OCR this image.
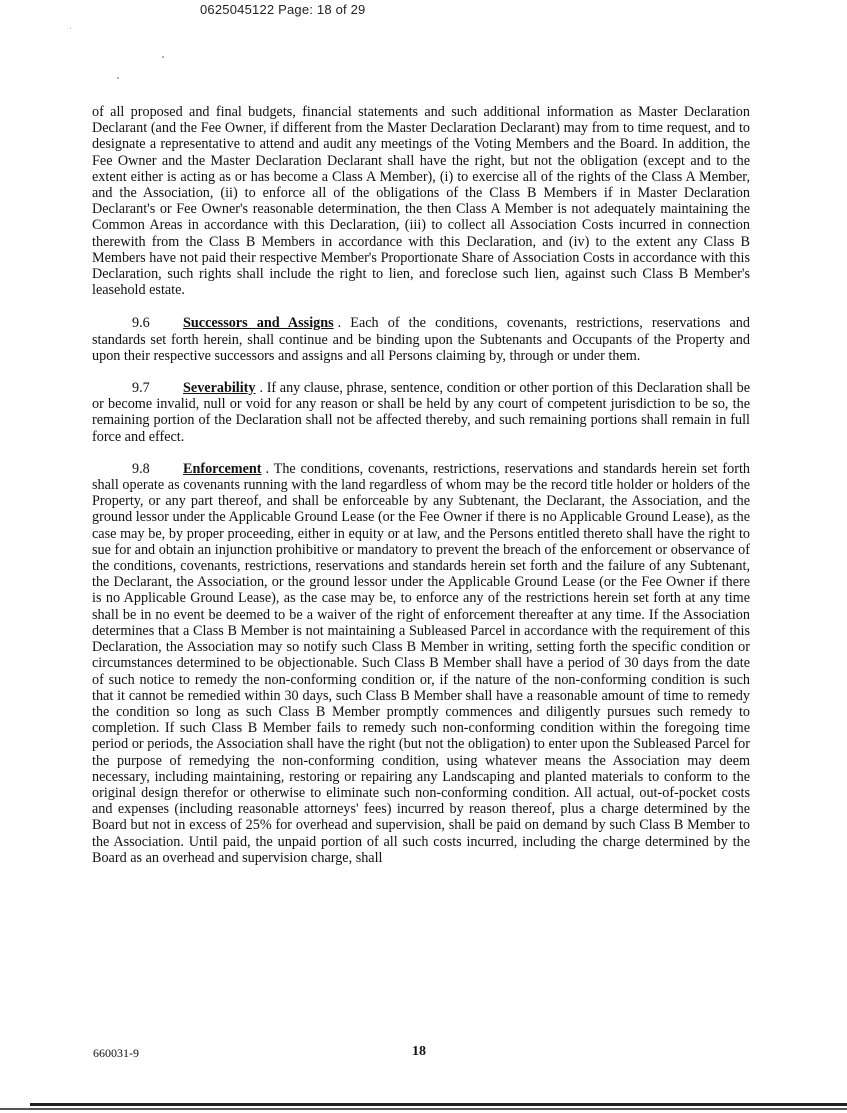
0625045122 Page: 18 of 29

of all proposed and final budgets, financial statements and such additional information as Master Declaration Declarant (and the Fee Owner, if different from the Master Declaration Declarant) may from to time request, and to designate a representative to attend and audit any meetings of the Voting Members and the Board. In addition, the Fee Owner and the Master Declaration Declarant shall have the right, but not the obligation (except and to the extent either is acting as or has become a Class A Member), (i) to exercise all of the rights of the Class A Member, and the Association, (ii) to enforce all of the obligations of the Class B Members if in Master Declaration Declarant's or Fee Owner's reasonable determination, the then Class A Member is not adequately maintaining the Common Areas in accordance with this Declaration, (iii) to collect all Association Costs incurred in connection therewith from the Class B Members in accordance with this Declaration, and (iv) to the extent any Class B Members have not paid their respective Member's Proportionate Share of Association Costs in accordance with this Declaration, such rights shall include the right to lien, and foreclose such lien, against such Class B Member's leasehold estate.

9.6 Successors and Assigns . Each of the conditions, covenants, restrictions, reservations and standards set forth herein, shall continue and be binding upon the Subtenants and Occupants of the Property and upon their respective successors and assigns and all Persons claiming by, through or under them.

9.7 Severability . If any clause, phrase, sentence, condition or other portion of this Declaration shall be or become invalid, null or void for any reason or shall be held by any court of competent jurisdiction to be so, the remaining portion of the Declaration shall not be affected thereby, and such remaining portions shall remain in full force and effect.

9.8 Enforcement . The conditions, covenants, restrictions, reservations and standards herein set forth shall operate as covenants running with the land regardless of whom may be the record title holder or holders of the Property, or any part thereof, and shall be enforceable by any Subtenant, the Declarant, the Association, and the ground lessor under the Applicable Ground Lease (or the Fee Owner if there is no Applicable Ground Lease), as the case may be, by proper proceeding, either in equity or at law, and the Persons entitled thereto shall have the right to sue for and obtain an injunction prohibitive or mandatory to prevent the breach of the enforcement or observance of the conditions, covenants, restrictions, reservations and standards herein set forth and the failure of any Subtenant, the Declarant, the Association, or the ground lessor under the Applicable Ground Lease (or the Fee Owner if there is no Applicable Ground Lease), as the case may be, to enforce any of the restrictions herein set forth at any time shall be in no event be deemed to be a waiver of the right of enforcement thereafter at any time. If the Association determines that a Class B Member is not maintaining a Subleased Parcel in accordance with the requirement of this Declaration, the Association may so notify such Class B Member in writing, setting forth the specific condition or circumstances determined to be objectionable. Such Class B Member shall have a period of 30 days from the date of such notice to remedy the non-conforming condition or, if the nature of the non-conforming condition is such that it cannot be remedied within 30 days, such Class B Member shall have a reasonable amount of time to remedy the condition so long as such Class B Member promptly commences and diligently pursues such remedy to completion. If such Class B Member fails to remedy such non-conforming condition within the foregoing time period or periods, the Association shall have the right (but not the obligation) to enter upon the Subleased Parcel for the purpose of remedying the non-conforming condition, using whatever means the Association may deem necessary, including maintaining, restoring or repairing any Landscaping and planted materials to conform to the original design therefor or otherwise to eliminate such non-conforming condition. All actual, out-of-pocket costs and expenses (including reasonable attorneys' fees) incurred by reason thereof, plus a charge determined by the Board but not in excess of 25% for overhead and supervision, shall be paid on demand by such Class B Member to the Association. Until paid, the unpaid portion of all such costs incurred, including the charge determined by the Board as an overhead and supervision charge, shall

660031-9	18
